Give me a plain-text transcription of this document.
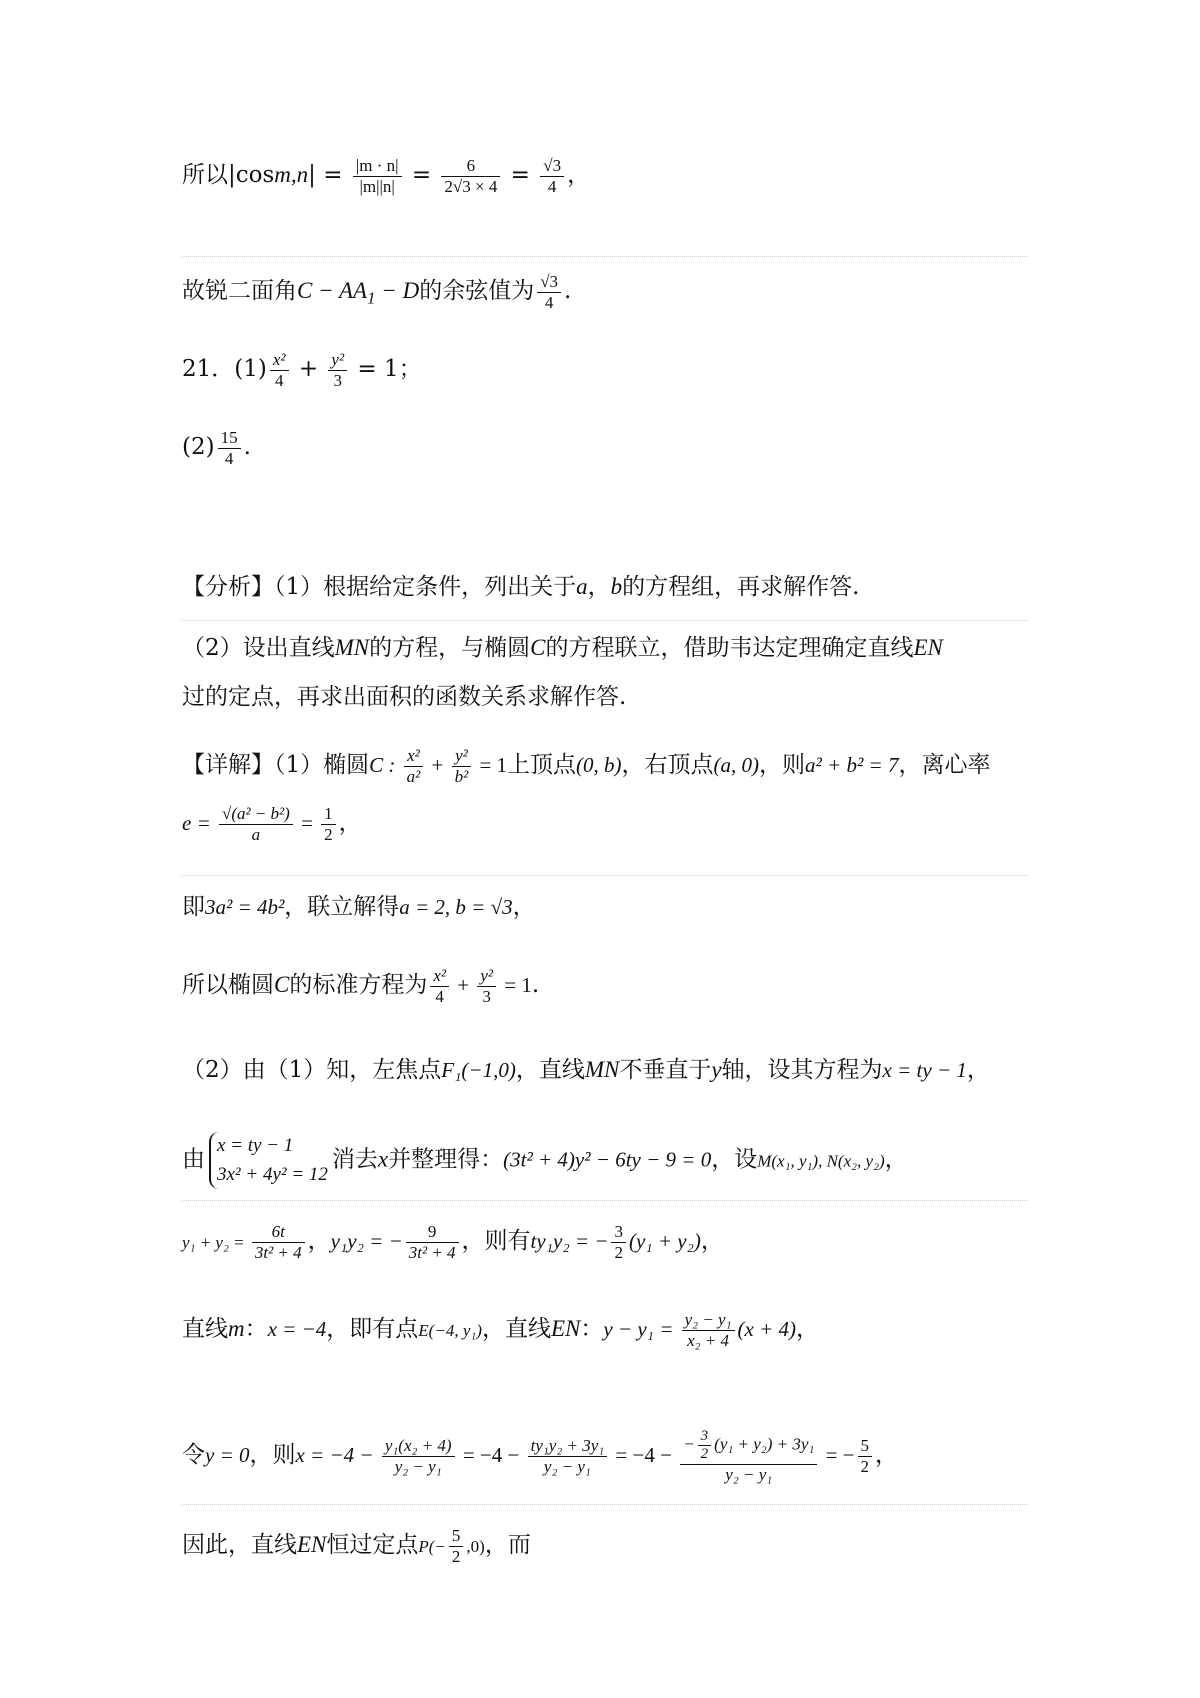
所以$|\cos m,n| = \frac{|m \cdot n|}{|m||n|} = \frac{6}{2√3 \times 4} = \frac{√3}{4}$ ，
故锐二面角$C - AA_1 - D$的余弦值为 $\frac{√3}{4}$ .
21．$(1) \frac{\text{x²}}{4} + \frac{\text{y²}}{3} = 1$；
$(2) \frac{15}{4}$ .
【分析】（1）根据给定条件，列出关于a，b的方程组，再求解作答.
（2）设出直线MN的方程，与椭圆C的方程联立，借助韦达定理确定直线EN
过的定点，再求出面积的函数关系求解作答.
【详解】（1）椭圆C : $\frac{\text{x²}}{\text{a²}} + \frac{\text{y²}}{\text{b²}} = 1$上顶点(0, b)，右顶点(a, 0)，则a² + b² = 7，离心率
$e = \frac{\text{√(a² − b²)}}{a} = \frac{1}{2}$ ，
即3a² = 4b²，联立解得a = 2, b = √3，
所以椭圆C的标准方程为 $\frac{\text{x²}}{4} + \frac{\text{y²}}{3} = 1$.
（2）由（1）知，左焦点F₁(−1,0)，直线MN不垂直于y轴，设其方程为x = ty − 1，
由
x = ty − 1
3x² + 4y² = 12
消去x并整理得：(3t² + 4)y² − 6ty − 9 = 0，设M(x₁, y₁), N(x₂, y₂)，
$y_1 + y_2 = \frac{6t}{\text{3t² + 4}}$ ，y₁y₂ = − $\frac{9}{\text{3t² + 4}}$ ，则有ty₁y₂ = − $\frac{3}{2} (y_1 + y_2)$，
直线m：x = −4，即有点E(−4, y₁)，直线EN：$y - y_1 = \frac{\text{y₂ − y₁}}{\text{x₂ + 4}} (x + 4)$，
令y = 0，则$x = -4 - \frac{\text{y₁(x₂ + 4)}}{\text{y₂ − y₁}} = -4 - \frac{\text{ty₁y₂ + 3y₁}}{\text{y₂ − y₁}} = -4 - \frac{- \frac{3}{2} (y_1 + y_2) + 3y_1}{\text{y₂ − y₁}}$ = − $\frac{5}{2}$ ，
因此，直线EN恒过定点$P(- \frac{5}{2} ,0)$，而
